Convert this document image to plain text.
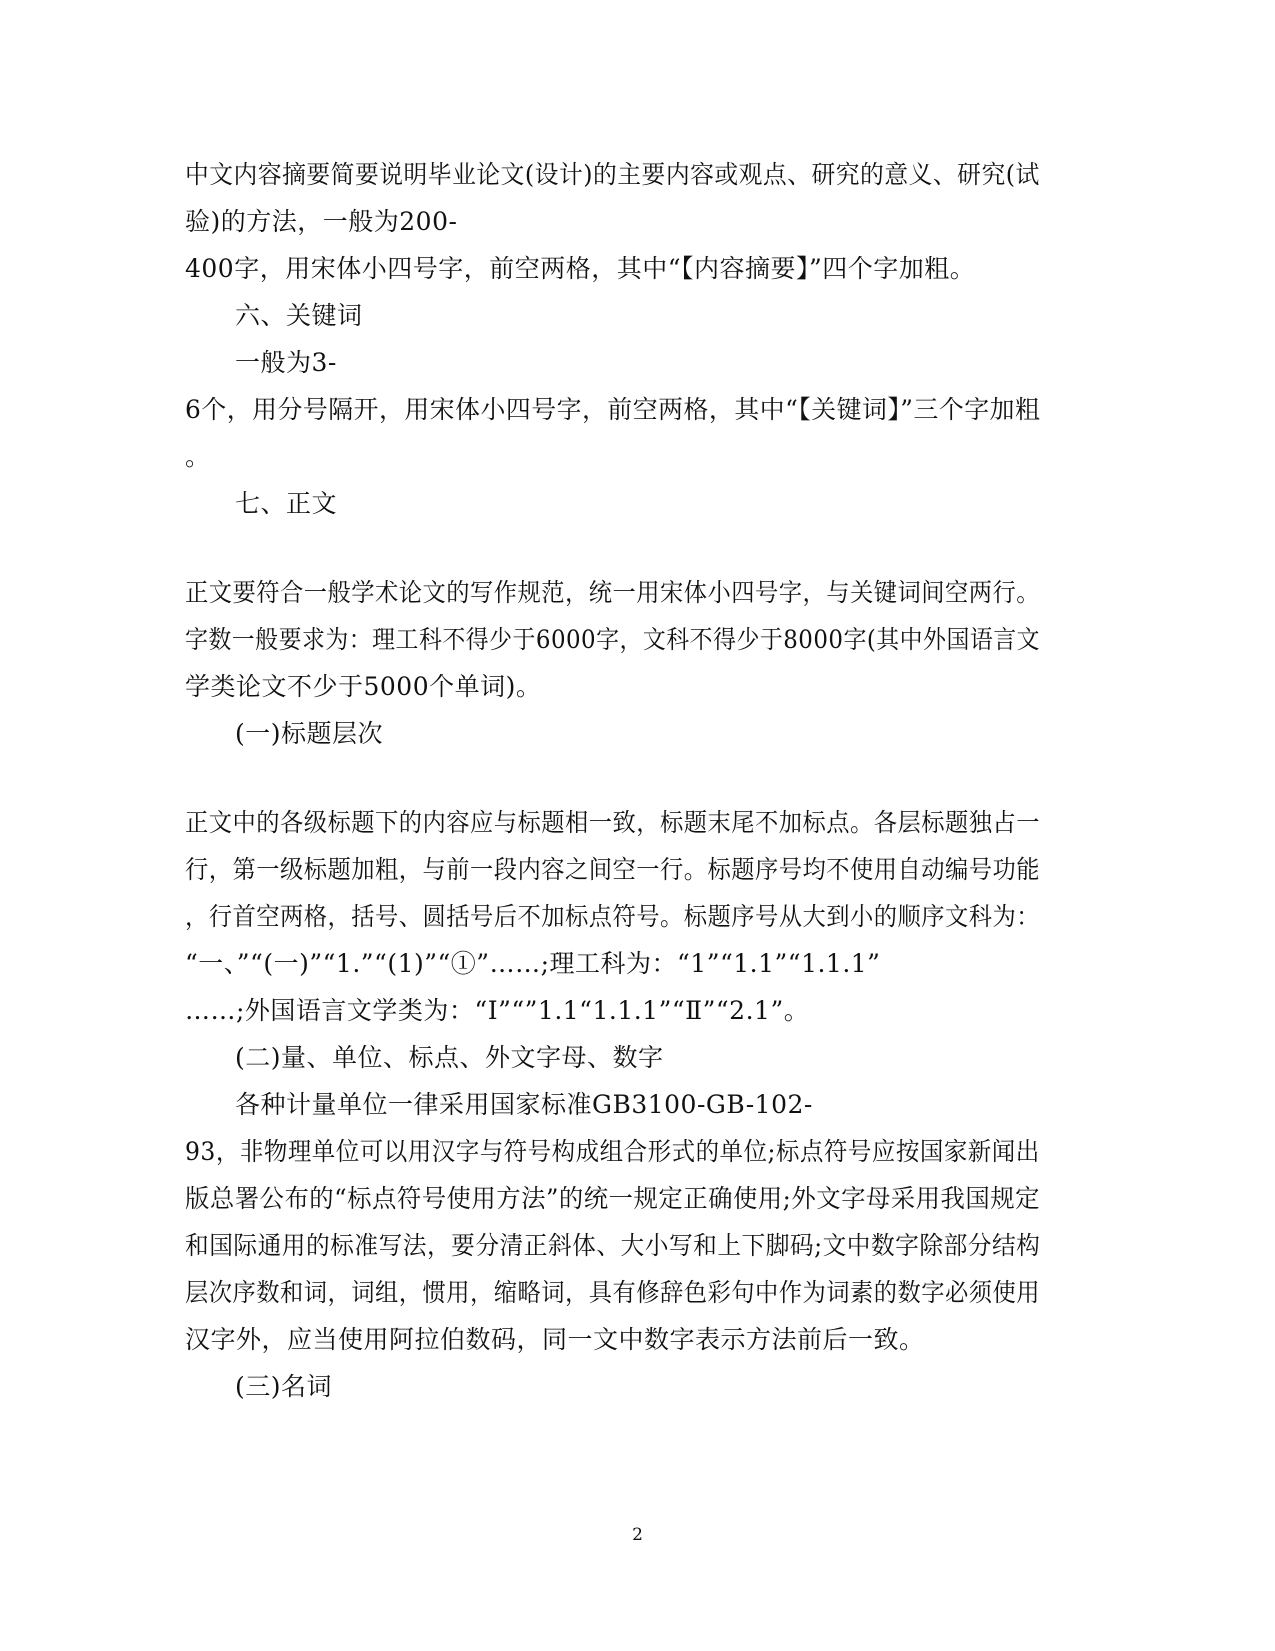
中文内容摘要简要说明毕业论文(设计)的主要内容或观点、研究的意义、研究(试
验)的方法，一般为200-
400字，用宋体小四号字，前空两格，其中“【内容摘要】”四个字加粗。
六、关键词
一般为3-
6个，用分号隔开，用宋体小四号字，前空两格，其中“【关键词】”三个字加粗
。
七、正文
正文要符合一般学术论文的写作规范，统一用宋体小四号字，与关键词间空两行。
字数一般要求为：理工科不得少于6000字，文科不得少于8000字(其中外国语言文
学类论文不少于5000个单词)。
(一)标题层次
正文中的各级标题下的内容应与标题相一致，标题末尾不加标点。各层标题独占一
行，第一级标题加粗，与前一段内容之间空一行。标题序号均不使用自动编号功能
，行首空两格，括号、圆括号后不加标点符号。标题序号从大到小的顺序文科为：
“一、”“(一)”“1.”“(1)”“①”……;理工科为：“1”“1.1”“1.1.1”
……;外国语言文学类为：“Ⅰ”“”1.1“1.1.1”“Ⅱ”“2.1”。
(二)量、单位、标点、外文字母、数字
各种计量单位一律采用国家标准GB3100-GB-102-
93，非物理单位可以用汉字与符号构成组合形式的单位;标点符号应按国家新闻出
版总署公布的“标点符号使用方法”的统一规定正确使用;外文字母采用我国规定
和国际通用的标准写法，要分清正斜体、大小写和上下脚码;文中数字除部分结构
层次序数和词，词组，惯用，缩略词，具有修辞色彩句中作为词素的数字必须使用
汉字外，应当使用阿拉伯数码，同一文中数字表示方法前后一致。
(三)名词
2
